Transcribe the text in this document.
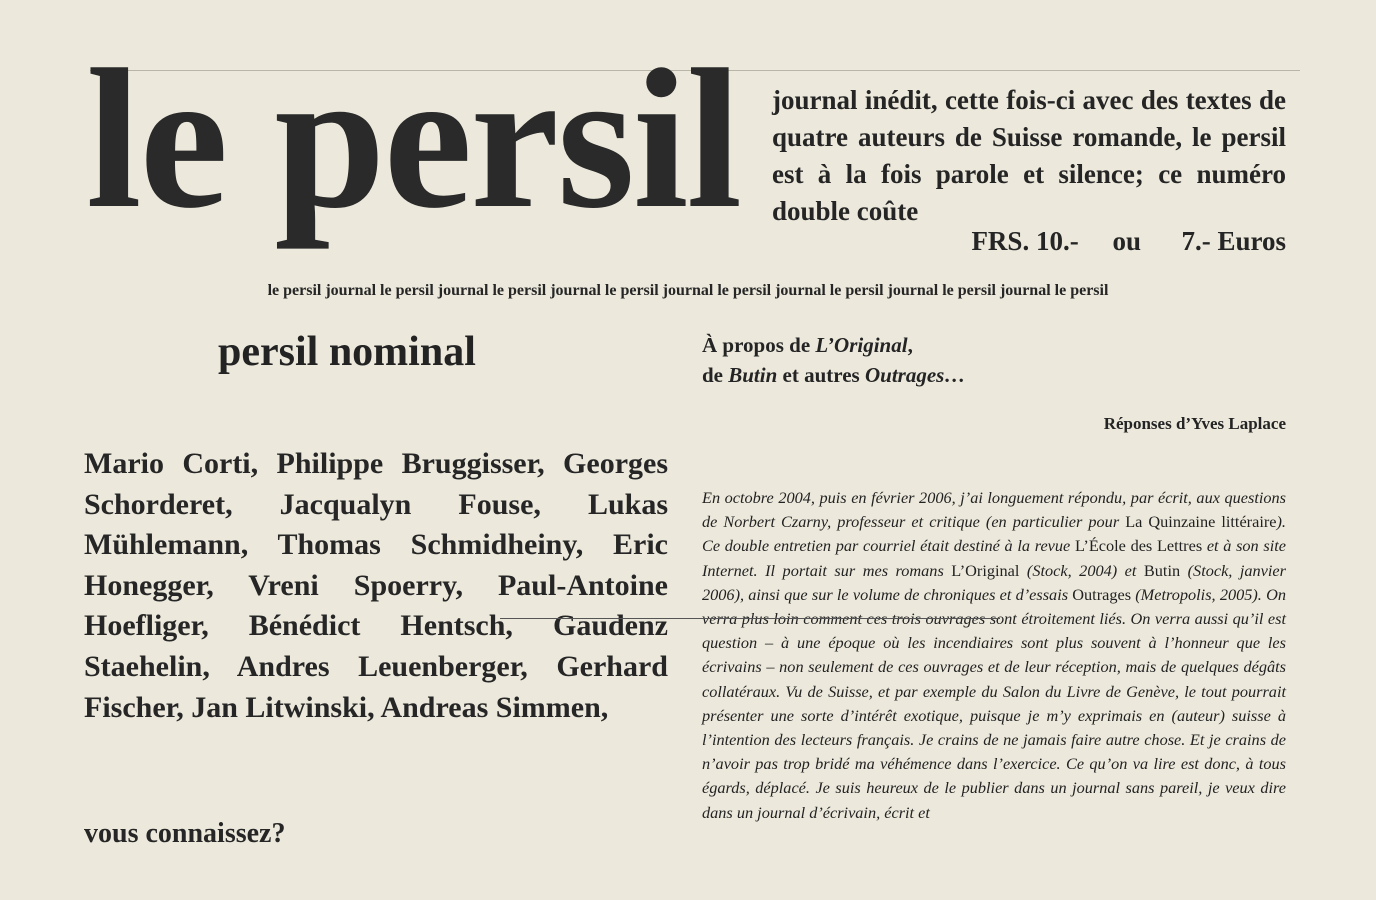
le persil journal inédit, cette fois-ci avec des textes de quatre auteurs de Suisse romande, le persil est à la fois parole et silence; ce numéro double coûte
FRS. 10.- ou 7.- Euros
le persil journal le persil journal le persil journal le persil journal le persil journal le persil journal le persil journal le persil
persil nominal
Mario Corti, Philippe Bruggisser, Georges Schorderet, Jacqualyn Fouse, Lukas Mühlemann, Thomas Schmidheiny, Eric Honegger, Vreni Spoerry, Paul-Antoine Hoefliger, Bénédict Hentsch, Gaudenz Staehelin, Andres Leuenberger, Gerhard Fischer, Jan Litwinski, Andreas Simmen,
vous connaissez?
À propos de L’Original,
de Butin et autres Outrages…
Réponses d’Yves Laplace
En octobre 2004, puis en février 2006, j’ai longuement répondu, par écrit, aux questions de Norbert Czarny, professeur et critique (en particulier pour La Quinzaine littéraire). Ce double entretien par courriel était destiné à la revue L’École des Lettres et à son site Internet. Il portait sur mes romans L’Original (Stock, 2004) et Butin (Stock, janvier 2006), ainsi que sur le volume de chroniques et d’essais Outrages (Metropolis, 2005). On verra plus loin comment ces trois ouvrages sont étroitement liés. On verra aussi qu’il est question – à une époque où les incendiaires sont plus souvent à l’honneur que les écrivains – non seulement de ces ouvrages et de leur réception, mais de quelques dégâts collatéraux. Vu de Suisse, et par exemple du Salon du Livre de Genève, le tout pourrait présenter une sorte d’intérêt exotique, puisque je m’y exprimais en (auteur) suisse à l’intention des lecteurs français. Je crains de ne jamais faire autre chose. Et je crains de n’avoir pas trop bridé ma véhémence dans l’exercice. Ce qu’on va lire est donc, à tous égards, déplacé. Je suis heureux de le publier dans un journal sans pareil, je veux dire dans un journal d’écrivain, écrit et
